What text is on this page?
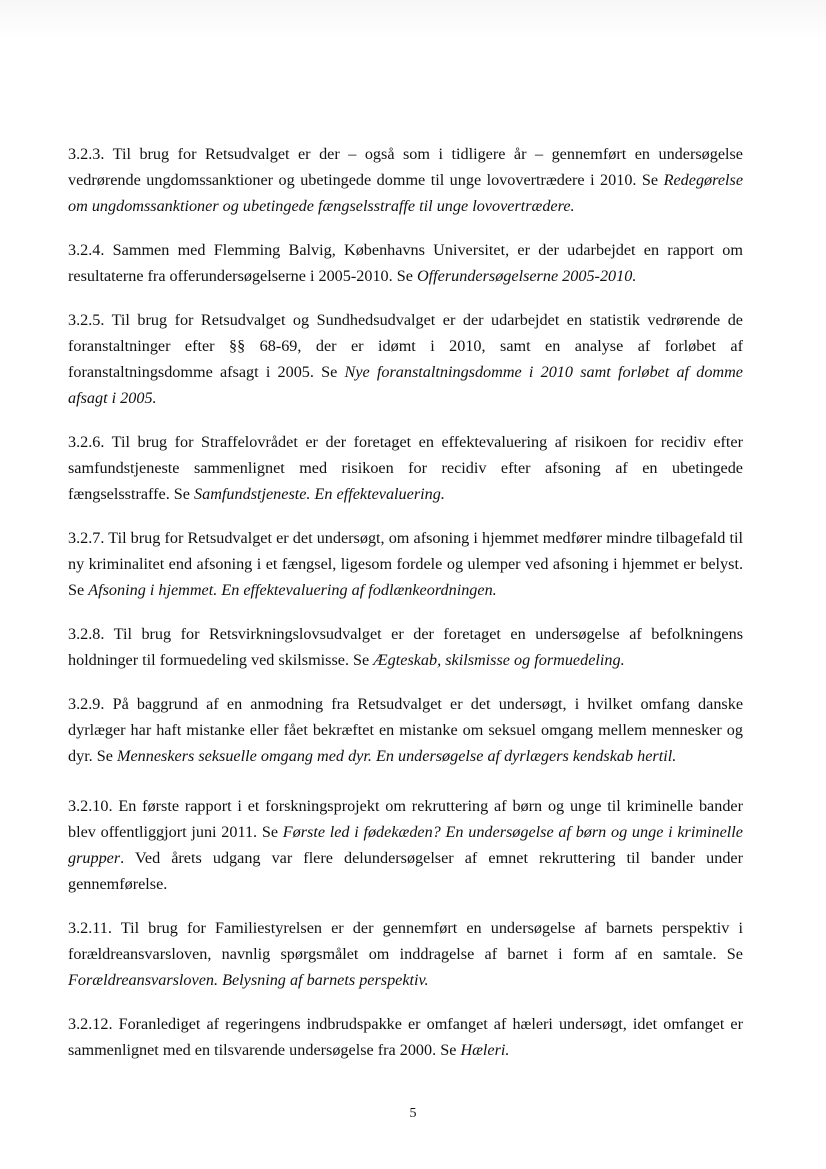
3.2.3. Til brug for Retsudvalget er der – også som i tidligere år – gennemført en undersøgelse vedrørende ungdomssanktioner og ubetingede domme til unge lovovertrædere i 2010. Se Redegørelse om ungdomssanktioner og ubetingede fængselsstraffe til unge lovovertrædere.

3.2.4. Sammen med Flemming Balvig, Københavns Universitet, er der udarbejdet en rapport om resultaterne fra offerundersøgelserne i 2005-2010. Se Offerundersøgelserne 2005-2010.

3.2.5. Til brug for Retsudvalget og Sundhedsudvalget er der udarbejdet en statistik vedrørende de foranstaltninger efter §§ 68-69, der er idømt i 2010, samt en analyse af forløbet af foranstaltningsdomme afsagt i 2005. Se Nye foranstaltningsdomme i 2010 samt forløbet af domme afsagt i 2005.

3.2.6. Til brug for Straffelovrådet er der foretaget en effektevaluering af risikoen for recidiv efter samfundstjeneste sammenlignet med risikoen for recidiv efter afsoning af en ubetingede fængselsstraffe. Se Samfundstjeneste. En effektevaluering.

3.2.7. Til brug for Retsudvalget er det undersøgt, om afsoning i hjemmet medfører mindre tilbagefald til ny kriminalitet end afsoning i et fængsel, ligesom fordele og ulemper ved afsoning i hjemmet er belyst. Se Afsoning i hjemmet. En effektevaluering af fodlænkeordningen.

3.2.8. Til brug for Retsvirkningslovsudvalget er der foretaget en undersøgelse af befolkningens holdninger til formuedeling ved skilsmisse. Se Ægteskab, skilsmisse og formuedeling.

3.2.9. På baggrund af en anmodning fra Retsudvalget er det undersøgt, i hvilket omfang danske dyrlæger har haft mistanke eller fået bekræftet en mistanke om seksuel omgang mellem mennesker og dyr. Se Menneskers seksuelle omgang med dyr. En undersøgelse af dyrlægers kendskab hertil.

3.2.10. En første rapport i et forskningsprojekt om rekruttering af børn og unge til kriminelle bander blev offentliggjort juni 2011. Se Første led i fødekæden? En undersøgelse af børn og unge i kriminelle grupper. Ved årets udgang var flere delundersøgelser af emnet rekruttering til bander under gennemførelse.

3.2.11. Til brug for Familiestyrelsen er der gennemført en undersøgelse af barnets perspektiv i forældreansvarsloven, navnlig spørgsmålet om inddragelse af barnet i form af en samtale. Se Forældreansvarsloven. Belysning af barnets perspektiv.

3.2.12. Foranlediget af regeringens indbrudspakke er omfanget af hæleri undersøgt, idet omfanget er sammenlignet med en tilsvarende undersøgelse fra 2000. Se Hæleri.

5
